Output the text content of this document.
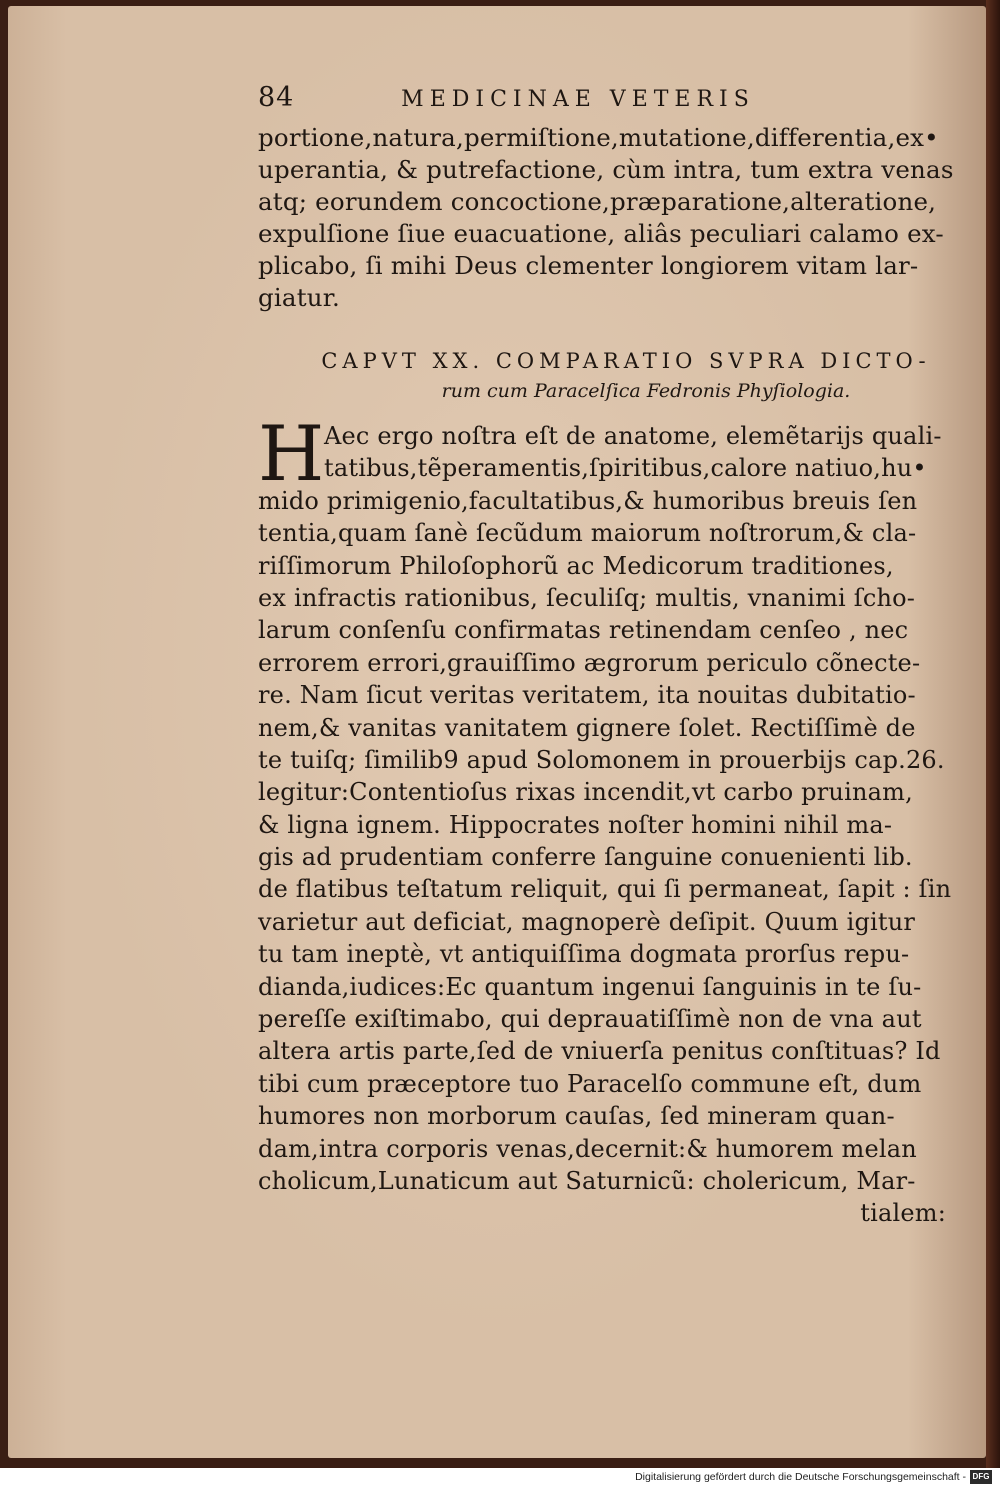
84	MEDICINAE VETERIS
portione,natura,permiſtione,mutatione,differentia,ex•
uperantia, & putrefactione, cùm intra, tum extra venas
atq; eorundem concoctione,præparatione,alteratione,
expulſione ſiue euacuatione, aliâs peculiari calamo ex-
plicabo, ſi mihi Deus clementer longiorem vitam lar-
giatur.
CAPVT XX. COMPARATIO SVPRA DICTO-
rum cum Paracelſica Fedronis Phyſiologia.
H Aec ergo noſtra eſt de anatome, elemẽtarijs quali-
tatibus,tẽperamentis,ſpiritibus,calore natiuo,hu•
mido primigenio,facultatibus,& humoribus breuis ſen
tentia,quam ſanè ſecũdum maiorum noſtrorum,& cla-
riſſimorum Philoſophorũ ac Medicorum traditiones,
ex infractis rationibus, ſeculiſq; multis, vnanimi ſcho-
larum conſenſu confirmatas retinendam cenſeo , nec
errorem errori,grauiſſimo ægrorum periculo cõnecte-
re. Nam ſicut veritas veritatem, ita nouitas dubitatio-
nem,& vanitas vanitatem gignere ſolet. Rectiſſimè de
te tuiſq; ſimilib9 apud Solomonem in prouerbijs cap.26.
legitur:Contentioſus rixas incendit,vt carbo pruinam,
& ligna ignem. Hippocrates noſter homini nihil ma-
gis ad prudentiam conferre ſanguine conuenienti lib.
de flatibus teſtatum reliquit, qui ſi permaneat, ſapit : ſin
varietur aut deficiat, magnoperè deſipit. Quum igitur
tu tam ineptè, vt antiquiſſima dogmata prorſus repu-
dianda,iudices:Ec quantum ingenui ſanguinis in te ſu-
pereſſe exiſtimabo, qui deprauatiſſimè non de vna aut
altera artis parte,ſed de vniuerſa penitus conſtituas? Id
tibi cum præceptore tuo Paracelſo commune eſt, dum
humores non morborum cauſas, ſed mineram quan-
dam,intra corporis venas,decernit:& humorem melan
cholicum,Lunaticum aut Saturnicũ: cholericum, Mar-
tialem:
Digitalisierung gefördert durch die Deutsche Forschungsgemeinschaft - DFG
